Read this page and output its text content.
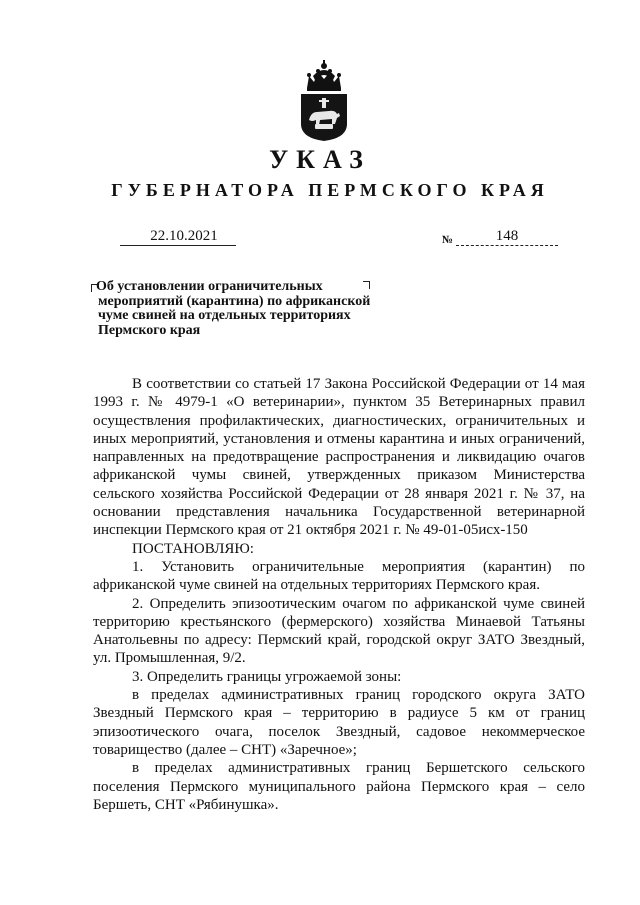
УКАЗ
ГУБЕРНАТОРА ПЕРМСКОГО КРАЯ
22.10.2021	№	148
Об установлении ограничительных
мероприятий (карантина) по африканской
чуме свиней на отдельных территориях
Пермского края

В соответствии со статьей 17 Закона Российской Федерации от 14 мая 1993 г. № 4979-1 «О ветеринарии», пунктом 35 Ветеринарных правил осуществления профилактических, диагностических, ограничительных и иных мероприятий, установления и отмены карантина и иных ограничений, направленных на предотвращение распространения и ликвидацию очагов африканской чумы свиней, утвержденных приказом Министерства сельского хозяйства Российской Федерации от 28 января 2021 г. № 37, на основании представления начальника Государственной ветеринарной инспекции Пермского края от 21 октября 2021 г. № 49-01-05исх-150

ПОСТАНОВЛЯЮ:

1. Установить ограничительные мероприятия (карантин) по африканской чуме свиней на отдельных территориях Пермского края.

2. Определить эпизоотическим очагом по африканской чуме свиней территорию крестьянского (фермерского) хозяйства Минаевой Татьяны Анатольевны по адресу: Пермский край, городской округ ЗАТО Звездный, ул. Промышленная, 9/2.

3. Определить границы угрожаемой зоны:

в пределах административных границ городского округа ЗАТО Звездный Пермского края – территорию в радиусе 5 км от границ эпизоотического очага, поселок Звездный, садовое некоммерческое товарищество (далее – СНТ) «Заречное»;

в пределах административных границ Бершетского сельского поселения Пермского муниципального района Пермского края – село Бершеть, СНТ «Рябинушка».
